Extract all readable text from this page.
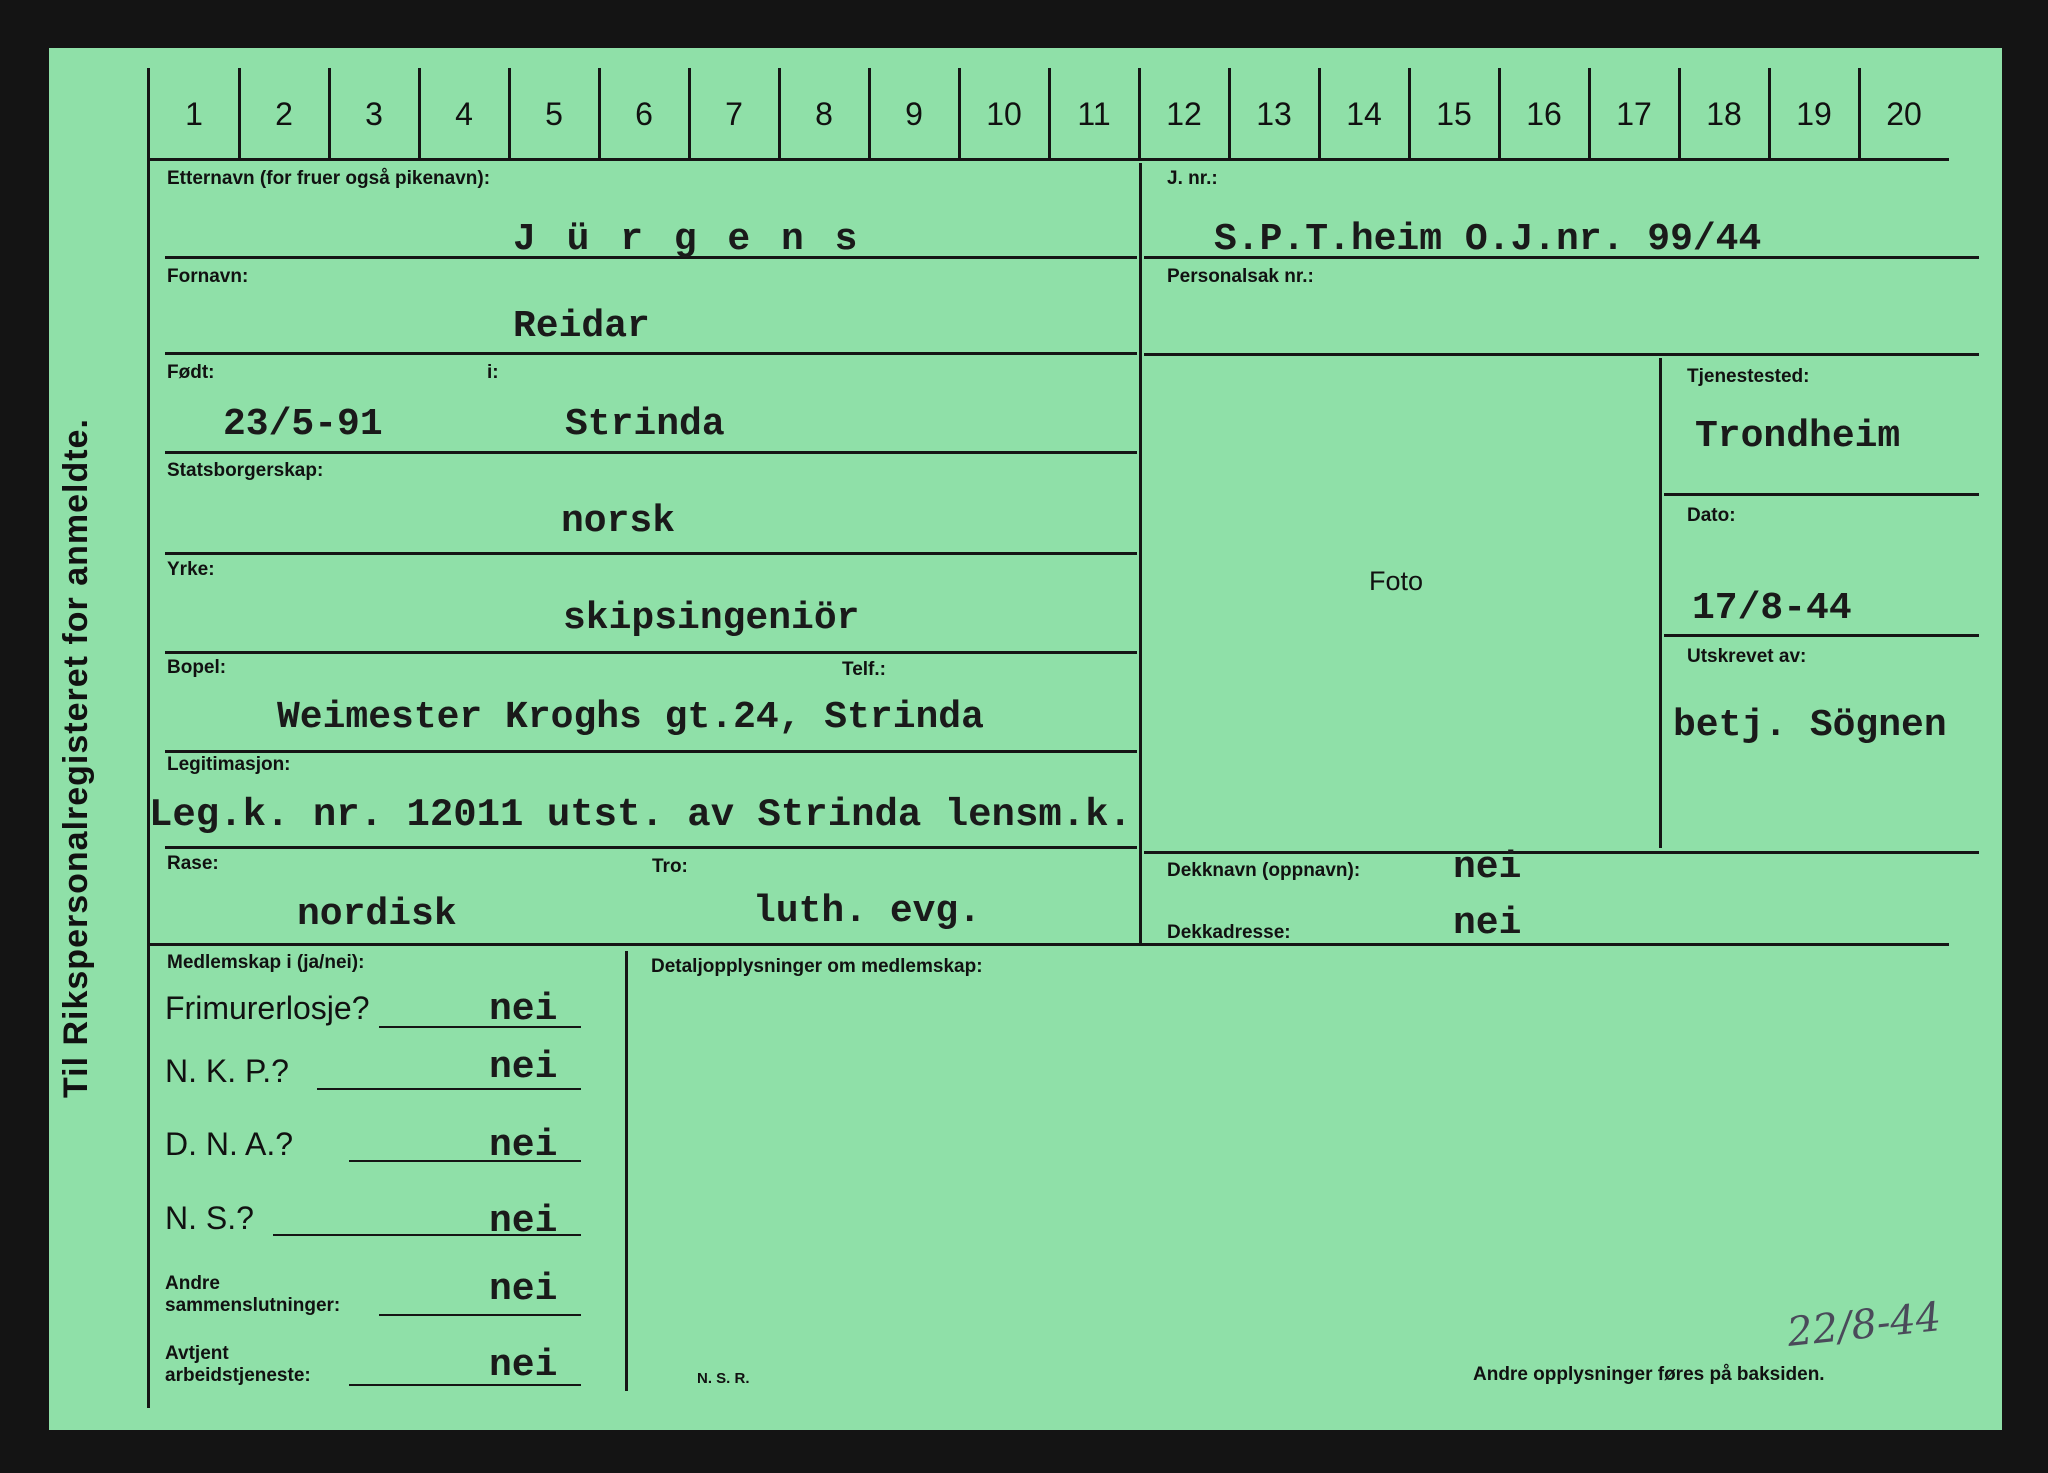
Til Rikspersonalregisteret for anmeldte.
1	2	3	4	5	6	7	8	9	10	11	12	13	14	15	16	17	18	19	20
Etternavn (for fruer også pikenavn):
J ü r g e n s
Fornavn:
Reidar
Født:	i:
23/5-91	Strinda
Statsborgerskap:
norsk
Yrke:
skipsingeniör
Bopel:	Telf.:
Weimester Kroghs gt.24, Strinda
Legitimasjon:
Leg.k. nr. 12011 utst. av Strinda lensm.k.
Rase:	Tro:
nordisk	luth. evg.
J. nr.:
S.P.T.heim O.J.nr. 99/44
Personalsak nr.:
Foto
Tjenestested:
Trondheim
Dato:
17/8-44
Utskrevet av:
betj. Sögnen
Dekknavn (oppnavn): nei
Dekkadresse:	nei
Medlemskap i (ja/nei):	Detaljopplysninger om medlemskap:
Frimurerlosje?	nei
N. K. P.?	nei
D. N. A.?	nei
N. S.?	nei
Andre
sammenslutninger:	nei
Avtjent
arbeidstjeneste:	nei	N. S. R.	Andre opplysninger føres på baksiden.
22/8-44
